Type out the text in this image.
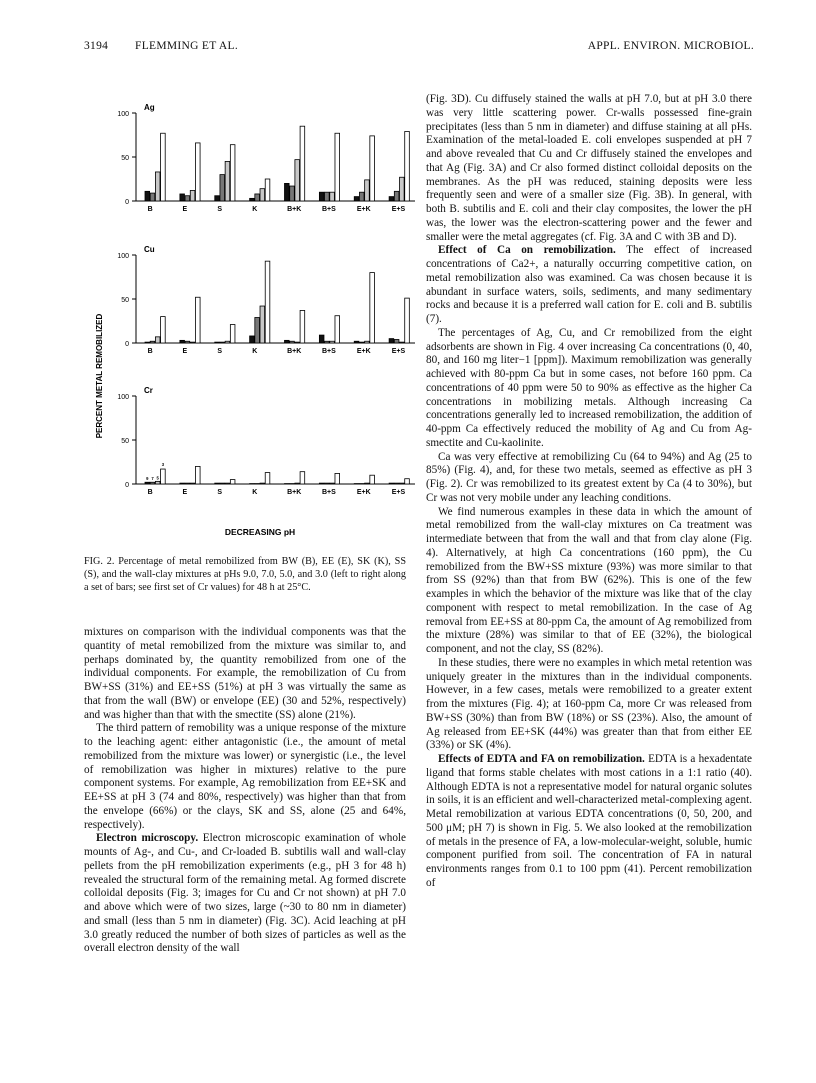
3194 FLEMMING ET AL.	APPL. ENVIRON. MICROBIOL.
PERCENT METAL REMOBILIZED
DECREASING pH
0
50
100
Ag
B	E	S	K	B+K	B+S	E+K	E+S
0
50
100
Cu
B	E	S	K	B+K	B+S	E+K	E+S
0
50
100
Cr
B	E	S	K	B+K	B+S	E+K	E+S
9 7 5
3
FIG. 2. Percentage of metal remobilized from BW (B), EE (E), SK (K), SS (S), and the wall-clay mixtures at pHs 9.0, 7.0, 5.0, and 3.0 (left to right along a set of bars; see first set of Cr values) for 48 h at 25°C.

mixtures on comparison with the individual components was that the quantity of metal remobilized from the mixture was similar to, and perhaps dominated by, the quantity remobilized from one of the individual components. For example, the remobilization of Cu from BW+SS (31%) and EE+SS (51%) at pH 3 was virtually the same as that from the wall (BW) or envelope (EE) (30 and 52%, respectively) and was higher than that with the smectite (SS) alone (21%).

The third pattern of remobility was a unique response of the mixture to the leaching agent: either antagonistic (i.e., the amount of metal remobilized from the mixture was lower) or synergistic (i.e., the level of remobilization was higher in mixtures) relative to the pure component systems. For example, Ag remobilization from EE+SK and EE+SS at pH 3 (74 and 80%, respectively) was higher than that from the envelope (66%) or the clays, SK and SS, alone (25 and 64%, respectively).

Electron microscopy. Electron microscopic examination of whole mounts of Ag-, and Cu-, and Cr-loaded B. subtilis wall and wall-clay pellets from the pH remobilization experiments (e.g., pH 3 for 48 h) revealed the structural form of the remaining metal. Ag formed discrete colloidal deposits (Fig. 3; images for Cu and Cr not shown) at pH 7.0 and above which were of two sizes, large (~30 to 80 nm in diameter) and small (less than 5 nm in diameter) (Fig. 3C). Acid leaching at pH 3.0 greatly reduced the number of both sizes of particles as well as the overall electron density of the wall

(Fig. 3D). Cu diffusely stained the walls at pH 7.0, but at pH 3.0 there was very little scattering power. Cr-walls possessed fine-grain precipitates (less than 5 nm in diameter) and diffuse staining at all pHs. Examination of the metal-loaded E. coli envelopes suspended at pH 7 and above revealed that Cu and Cr diffusely stained the envelopes and that Ag (Fig. 3A) and Cr also formed distinct colloidal deposits on the membranes. As the pH was reduced, staining deposits were less frequently seen and were of a smaller size (Fig. 3B). In general, with both B. subtilis and E. coli and their clay composites, the lower the pH was, the lower was the electron-scattering power and the fewer and smaller were the metal aggregates (cf. Fig. 3A and C with 3B and D).

Effect of Ca on remobilization. The effect of increased concentrations of Ca2+, a naturally occurring competitive cation, on metal remobilization also was examined. Ca was chosen because it is abundant in surface waters, soils, sediments, and many sedimentary rocks and because it is a preferred wall cation for E. coli and B. subtilis (7).

The percentages of Ag, Cu, and Cr remobilized from the eight adsorbents are shown in Fig. 4 over increasing Ca concentrations (0, 40, 80, and 160 mg liter−1 [ppm]). Maximum remobilization was generally achieved with 80-ppm Ca but in some cases, not before 160 ppm. Ca concentrations of 40 ppm were 50 to 90% as effective as the higher Ca concentrations in mobilizing metals. Although increasing Ca concentrations generally led to increased remobilization, the addition of 40-ppm Ca effectively reduced the mobility of Ag and Cu from Ag-smectite and Cu-kaolinite.

Ca was very effective at remobilizing Cu (64 to 94%) and Ag (25 to 85%) (Fig. 4), and, for these two metals, seemed as effective as pH 3 (Fig. 2). Cr was remobilized to its greatest extent by Ca (4 to 30%), but Cr was not very mobile under any leaching conditions.

We find numerous examples in these data in which the amount of metal remobilized from the wall-clay mixtures on Ca treatment was intermediate between that from the wall and that from clay alone (Fig. 4). Alternatively, at high Ca concentrations (160 ppm), the Cu remobilized from the BW+SS mixture (93%) was more similar to that from SS (92%) than that from BW (62%). This is one of the few examples in which the behavior of the mixture was like that of the clay component with respect to metal remobilization. In the case of Ag removal from EE+SS at 80-ppm Ca, the amount of Ag remobilized from the mixture (28%) was similar to that of EE (32%), the biological component, and not the clay, SS (82%).

In these studies, there were no examples in which metal retention was uniquely greater in the mixtures than in the individual components. However, in a few cases, metals were remobilized to a greater extent from the mixtures (Fig. 4); at 160-ppm Ca, more Cr was released from BW+SS (30%) than from BW (18%) or SS (23%). Also, the amount of Ag released from EE+SK (44%) was greater than that from either EE (33%) or SK (4%).

Effects of EDTA and FA on remobilization. EDTA is a hexadentate ligand that forms stable chelates with most cations in a 1:1 ratio (40). Although EDTA is not a representative model for natural organic solutes in soils, it is an efficient and well-characterized metal-complexing agent. Metal remobilization at various EDTA concentrations (0, 50, 200, and 500 μM; pH 7) is shown in Fig. 5. We also looked at the remobilization of metals in the presence of FA, a low-molecular-weight, soluble, humic component purified from soil. The concentration of FA in natural environments ranges from 0.1 to 100 ppm (41). Percent remobilization of
